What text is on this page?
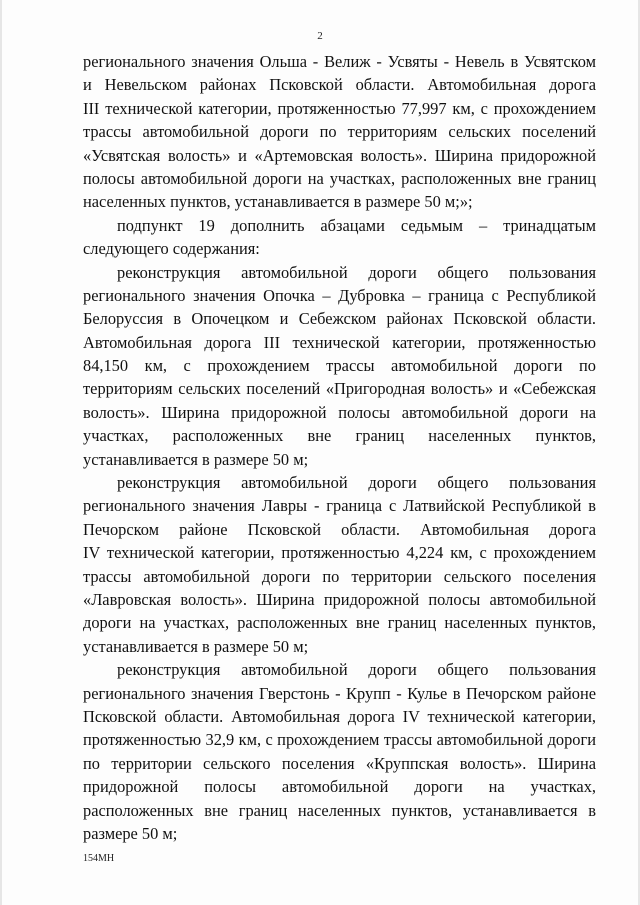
2
регионального значения Ольша - Велиж - Усвяты - Невель в Усвятском
и Невельском районах Псковской области. Автомобильная дорога
III технической категории, протяженностью 77,997 км, с прохождением
трассы автомобильной дороги по территориям сельских поселений
«Усвятская волость» и «Артемовская волость». Ширина придорожной
полосы автомобильной дороги на участках, расположенных вне границ
населенных пунктов, устанавливается в размере 50 м;»;
подпункт 19 дополнить абзацами седьмым – тринадцатым
следующего содержания:
реконструкция автомобильной дороги общего пользования
регионального значения Опочка – Дубровка – граница с Республикой
Белоруссия в Опочецком и Себежском районах Псковской области.
Автомобильная дорога III технической категории, протяженностью
84,150 км, с прохождением трассы автомобильной дороги по
территориям сельских поселений «Пригородная волость» и «Себежская
волость». Ширина придорожной полосы автомобильной дороги на
участках, расположенных вне границ населенных пунктов,
устанавливается в размере 50 м;
реконструкция автомобильной дороги общего пользования
регионального значения Лавры - граница с Латвийской Республикой в
Печорском районе Псковской области. Автомобильная дорога
IV технической категории, протяженностью 4,224 км, с прохождением
трассы автомобильной дороги по территории сельского поселения
«Лавровская волость». Ширина придорожной полосы автомобильной
дороги на участках, расположенных вне границ населенных пунктов,
устанавливается в размере 50 м;
реконструкция автомобильной дороги общего пользования
регионального значения Гверстонь - Крупп - Кулье в Печорском районе
Псковской области. Автомобильная дорога IV технической категории,
протяженностью 32,9 км, с прохождением трассы автомобильной дороги
по территории сельского поселения «Круппская волость». Ширина
придорожной полосы автомобильной дороги на участках,
расположенных вне границ населенных пунктов, устанавливается в
размере 50 м;
154МН
